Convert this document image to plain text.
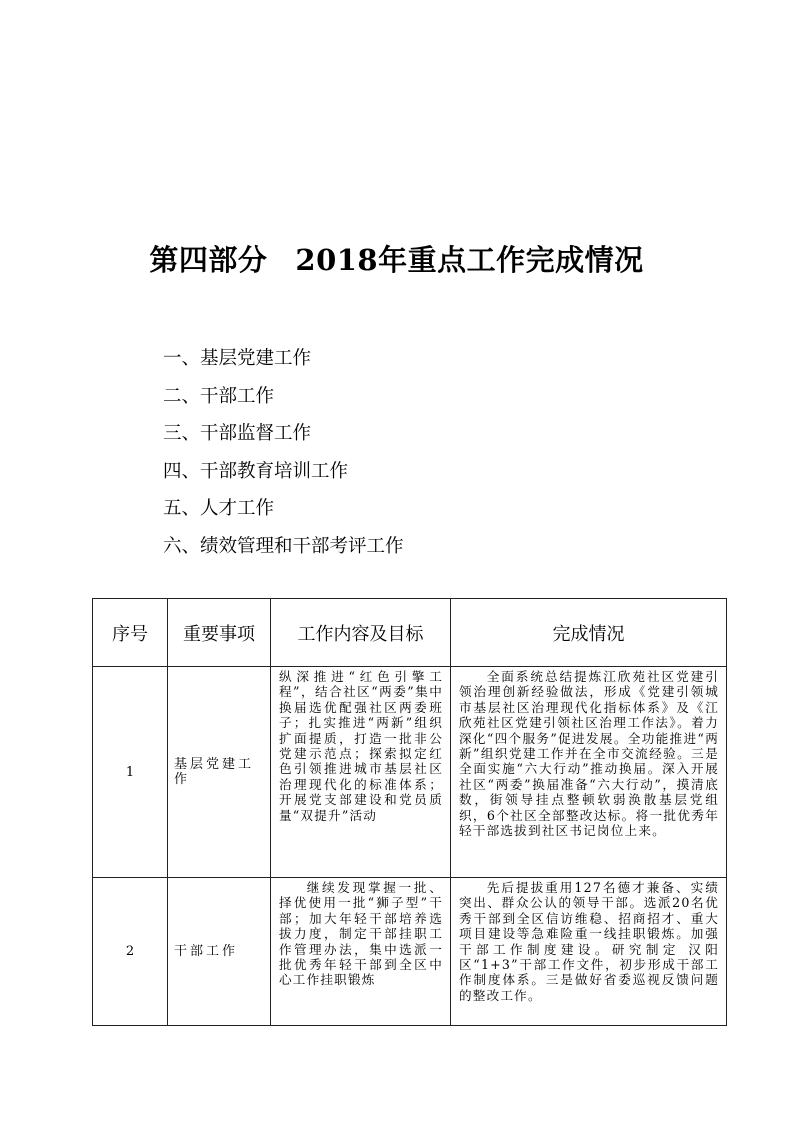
第四部分 2018年重点工作完成情况
一、基层党建工作
二、干部工作
三、干部监督工作
四、干部教育培训工作
五、人才工作
六、绩效管理和干部考评工作
序号	重要事项	工作内容及目标	完成情况
1	基层党建工作	纵深推进“红色引擎工程”，结合社区“两委”集中换届选优配强社区两委班子；扎实推进“两新”组织扩面提质，打造一批非公党建示范点；探索拟定红色引领推进城市基层社区治理现代化的标准体系；开展党支部建设和党员质量“双提升”活动	全面系统总结提炼江欣苑社区党建引领治理创新经验做法，形成《党建引领城市基层社区治理现代化指标体系》及《江欣苑社区党建引领社区治理工作法》。着力深化“四个服务”促进发展。全功能推进“两新”组织党建工作并在全市交流经验。三是全面实施“六大行动”推动换届。深入开展社区“两委”换届准备“六大行动”，摸清底数，街领导挂点整顿软弱涣散基层党组织，6个社区全部整改达标。将一批优秀年轻干部选拔到社区书记岗位上来。
2	干部工作	继续发现掌握一批、择优使用一批“狮子型”干部；加大年轻干部培养选拔力度，制定干部挂职工作管理办法，集中选派一批优秀年轻干部到全区中心工作挂职锻炼	先后提拔重用127名德才兼备、实绩突出、群众公认的领导干部。选派20名优秀干部到全区信访维稳、招商招才、重大项目建设等急难险重一线挂职锻炼。加强干部工作制度建设。研究制定 汉阳区“1+3”干部工作文件，初步形成干部工作制度体系。三是做好省委巡视反馈问题的整改工作。
